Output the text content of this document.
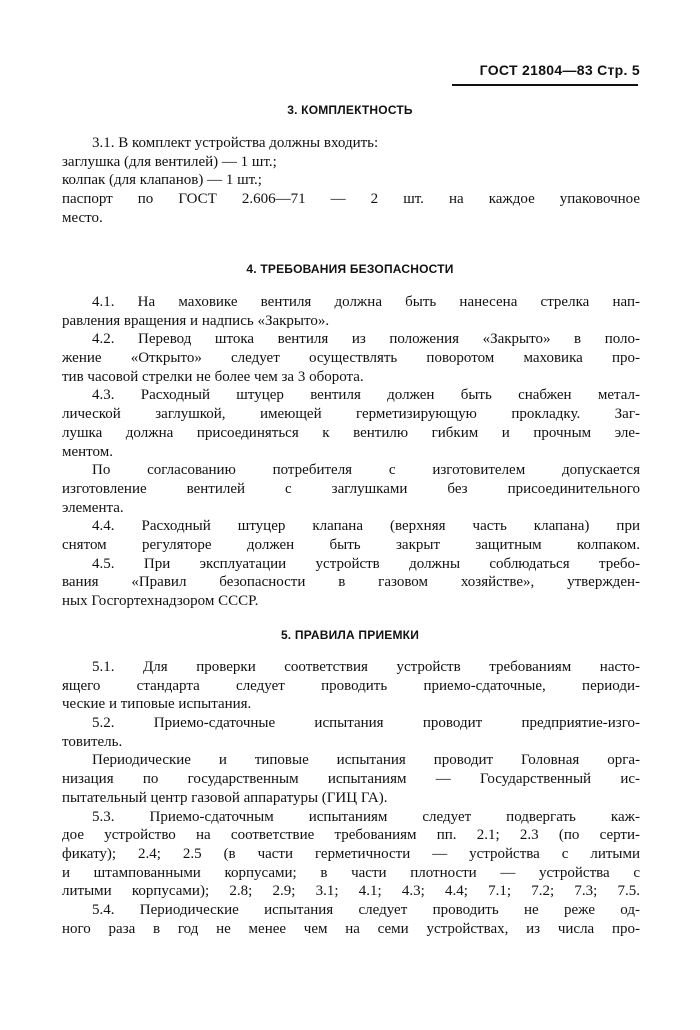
ГОСТ 21804—83 Стр. 5
3. КОМПЛЕКТНОСТЬ
3.1. В комплект устройства должны входить:
заглушка (для вентилей) — 1 шт.;
колпак (для клапанов) — 1 шт.;
паспорт по ГОСТ 2.606—71 — 2 шт. на каждое упаковочное
место.
4. ТРЕБОВАНИЯ БЕЗОПАСНОСТИ
4.1. На маховике вентиля должна быть нанесена стрелка нап-
равления вращения и надпись «Закрыто».
4.2. Перевод штока вентиля из положения «Закрыто» в поло-
жение «Открыто» следует осуществлять поворотом маховика про-
тив часовой стрелки не более чем за 3 оборота.
4.3. Расходный штуцер вентиля должен быть снабжен метал-
лической заглушкой, имеющей герметизирующую прокладку. Заг-
лушка должна присоединяться к вентилю гибким и прочным эле-
ментом.
По согласованию потребителя с изготовителем допускается
изготовление вентилей с заглушками без присоединительного
элемента.
4.4. Расходный штуцер клапана (верхняя часть клапана) при
снятом регуляторе должен быть закрыт защитным колпаком.
4.5. При эксплуатации устройств должны соблюдаться требо-
вания «Правил безопасности в газовом хозяйстве», утвержден-
ных Госгортехнадзором СССР.
5. ПРАВИЛА ПРИЕМКИ
5.1. Для проверки соответствия устройств требованиям насто-
ящего стандарта следует проводить приемо-сдаточные, периоди-
ческие и типовые испытания.
5.2. Приемо-сдаточные испытания проводит предприятие-изго-
товитель.
Периодические и типовые испытания проводит Головная орга-
низация по государственным испытаниям — Государственный ис-
пытательный центр газовой аппаратуры (ГИЦ ГА).
5.3. Приемо-сдаточным испытаниям следует подвергать каж-
дое устройство на соответствие требованиям пп. 2.1; 2.3 (по серти-
фикату); 2.4; 2.5 (в части герметичности — устройства с литыми
и штампованными корпусами; в части плотности — устройства с
литыми корпусами); 2.8; 2.9; 3.1; 4.1; 4.3; 4.4; 7.1; 7.2; 7.3; 7.5.
5.4. Периодические испытания следует проводить не реже од-
ного раза в год не менее чем на семи устройствах, из числа про-
